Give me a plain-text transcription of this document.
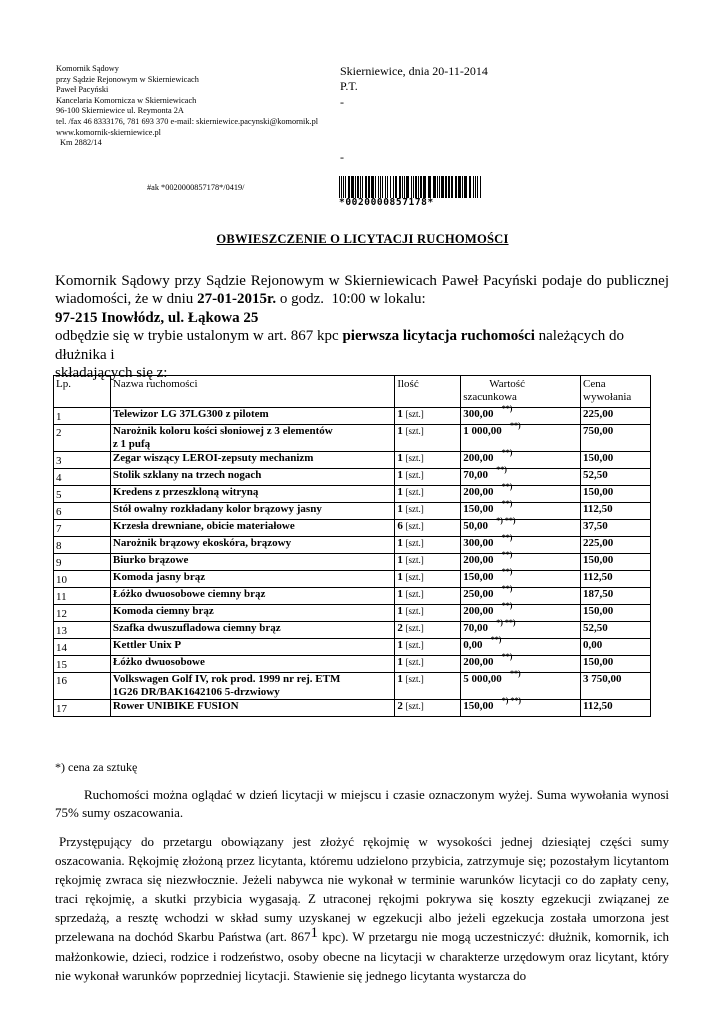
Komornik Sądowy
przy Sądzie Rejonowym w Skierniewicach
Paweł Pacyński
Kancelaria Komornicza w Skierniewicach
96-100 Skierniewice ul. Reymonta 2A
tel. /fax 46 8333176, 781 693 370 e-mail: skierniewice.pacynski@komornik.pl
www.komornik-skierniewice.pl
Km 2882/14
Skierniewice, dnia 20-11-2014
P.T.
-
-
#ak *0020000857178*/0419/
*0020000857178*
OBWIESZCZENIE O LICYTACJI RUCHOMOŚCI
Komornik Sądowy przy Sądzie Rejonowym w Skierniewicach Paweł Pacyński podaje do publicznej
wiadomości, że w dniu 27-01-2015r. o godz. 10:00 w lokalu:
97-215 Inowłódz, ul. Łąkowa 25
odbędzie się w trybie ustalonym w art. 867 kpc pierwsza licytacja ruchomości należących do dłużnika i
składających się z:
Lp.	Nazwa ruchomości	Ilość	Wartość
szacunkowa	Cena
wywołania
1	Telewizor LG 37LG300 z pilotem	1 [szt.]	300,00 **)	225,00
2	Narożnik koloru kości słoniowej z 3 elementów
z 1 pufą	1 [szt.]	1 000,00 **)	750,00
3	Zegar wiszący LEROI-zepsuty mechanizm	1 [szt.]	200,00 **)	150,00
4	Stolik szklany na trzech nogach	1 [szt.]	70,00 **)	52,50
5	Kredens z przeszkloną witryną	1 [szt.]	200,00 **)	150,00
6	Stół owalny rozkładany kolor brązowy jasny	1 [szt.]	150,00 **)	112,50
7	Krzesła drewniane, obicie materiałowe	6 [szt.]	50,00 *) **)	37,50
8	Narożnik brązowy ekoskóra, brązowy	1 [szt.]	300,00 **)	225,00
9	Biurko brązowe	1 [szt.]	200,00 **)	150,00
10	Komoda jasny brąz	1 [szt.]	150,00 **)	112,50
11	Łóżko dwuosobowe ciemny brąz	1 [szt.]	250,00 **)	187,50
12	Komoda ciemny brąz	1 [szt.]	200,00 **)	150,00
13	Szafka dwuszufladowa ciemny brąz	2 [szt.]	70,00 *) **)	52,50
14	Kettler Unix P	1 [szt.]	0,00 **)	0,00
15	Łóżko dwuosobowe	1 [szt.]	200,00 **)	150,00
16	Volkswagen Golf IV, rok prod. 1999 nr rej. ETM
1G26 DR/BAK1642106 5-drzwiowy	1 [szt.]	5 000,00 **)	3 750,00
17	Rower UNIBIKE FUSION	2 [szt.]	150,00 *) **)	112,50
*) cena za sztukę
Ruchomości można oglądać w dzień licytacji w miejscu i czasie oznaczonym wyżej. Suma wywołania wynosi 75% sumy oszacowania.
Przystępujący do przetargu obowiązany jest złożyć rękojmię w wysokości jednej dziesiątej części sumy oszacowania. Rękojmię złożoną przez licytanta, któremu udzielono przybicia, zatrzymuje się; pozostałym licytantom rękojmię zwraca się niezwłocznie. Jeżeli nabywca nie wykonał w terminie warunków licytacji co do zapłaty ceny, traci rękojmię, a skutki przybicia wygasają. Z utraconej rękojmi pokrywa się koszty egzekucji związanej ze sprzedażą, a resztę wchodzi w skład sumy uzyskanej w egzekucji albo jeżeli egzekucja została umorzona jest przelewana na dochód Skarbu Państwa (art. $867^1$ kpc). W przetargu nie mogą uczestniczyć: dłużnik, komornik, ich małżonkowie, dzieci, rodzice i rodzeństwo, osoby obecne na licytacji w charakterze urzędowym oraz licytant, który nie wykonał warunków poprzedniej licytacji. Stawienie się jednego licytanta wystarcza do
